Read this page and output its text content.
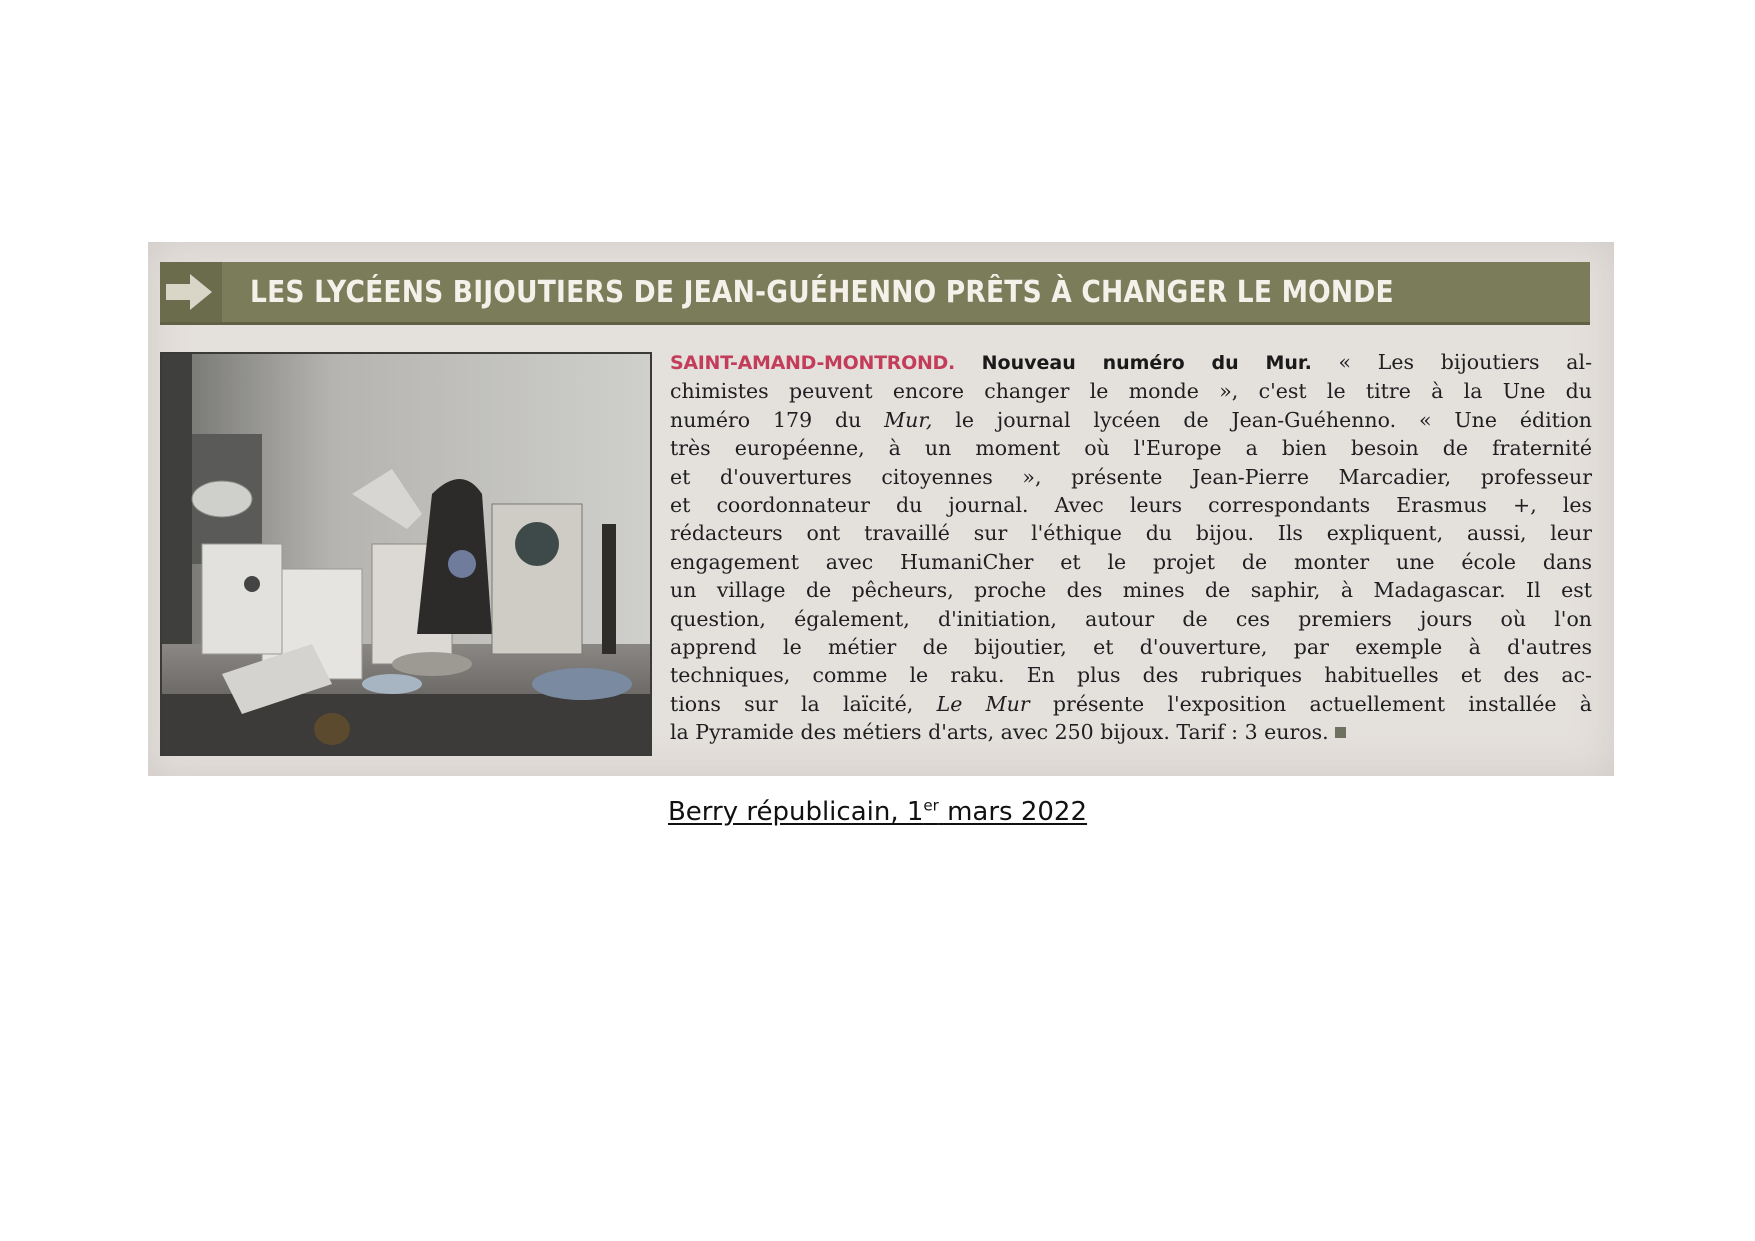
LES LYCÉENS BIJOUTIERS DE JEAN-GUÉHENNO PRÊTS À CHANGER LE MONDE
SAINT-AMAND-MONTROND. Nouveau numéro du Mur. « Les bijoutiers al-
chimistes peuvent encore changer le monde », c'est le titre à la Une du
numéro 179 du Mur, le journal lycéen de Jean-Guéhenno. « Une édition
très européenne, à un moment où l'Europe a bien besoin de fraternité
et d'ouvertures citoyennes », présente Jean-Pierre Marcadier, professeur
et coordonnateur du journal. Avec leurs correspondants Erasmus +, les
rédacteurs ont travaillé sur l'éthique du bijou. Ils expliquent, aussi, leur
engagement avec HumaniCher et le projet de monter une école dans
un village de pêcheurs, proche des mines de saphir, à Madagascar. Il est
question, également, d'initiation, autour de ces premiers jours où l'on
apprend le métier de bijoutier, et d'ouverture, par exemple à d'autres
techniques, comme le raku. En plus des rubriques habituelles et des ac-
tions sur la laïcité, Le Mur présente l'exposition actuellement installée à
la Pyramide des métiers d'arts, avec 250 bijoux. Tarif : 3 euros.
Berry républicain, 1er mars 2022
